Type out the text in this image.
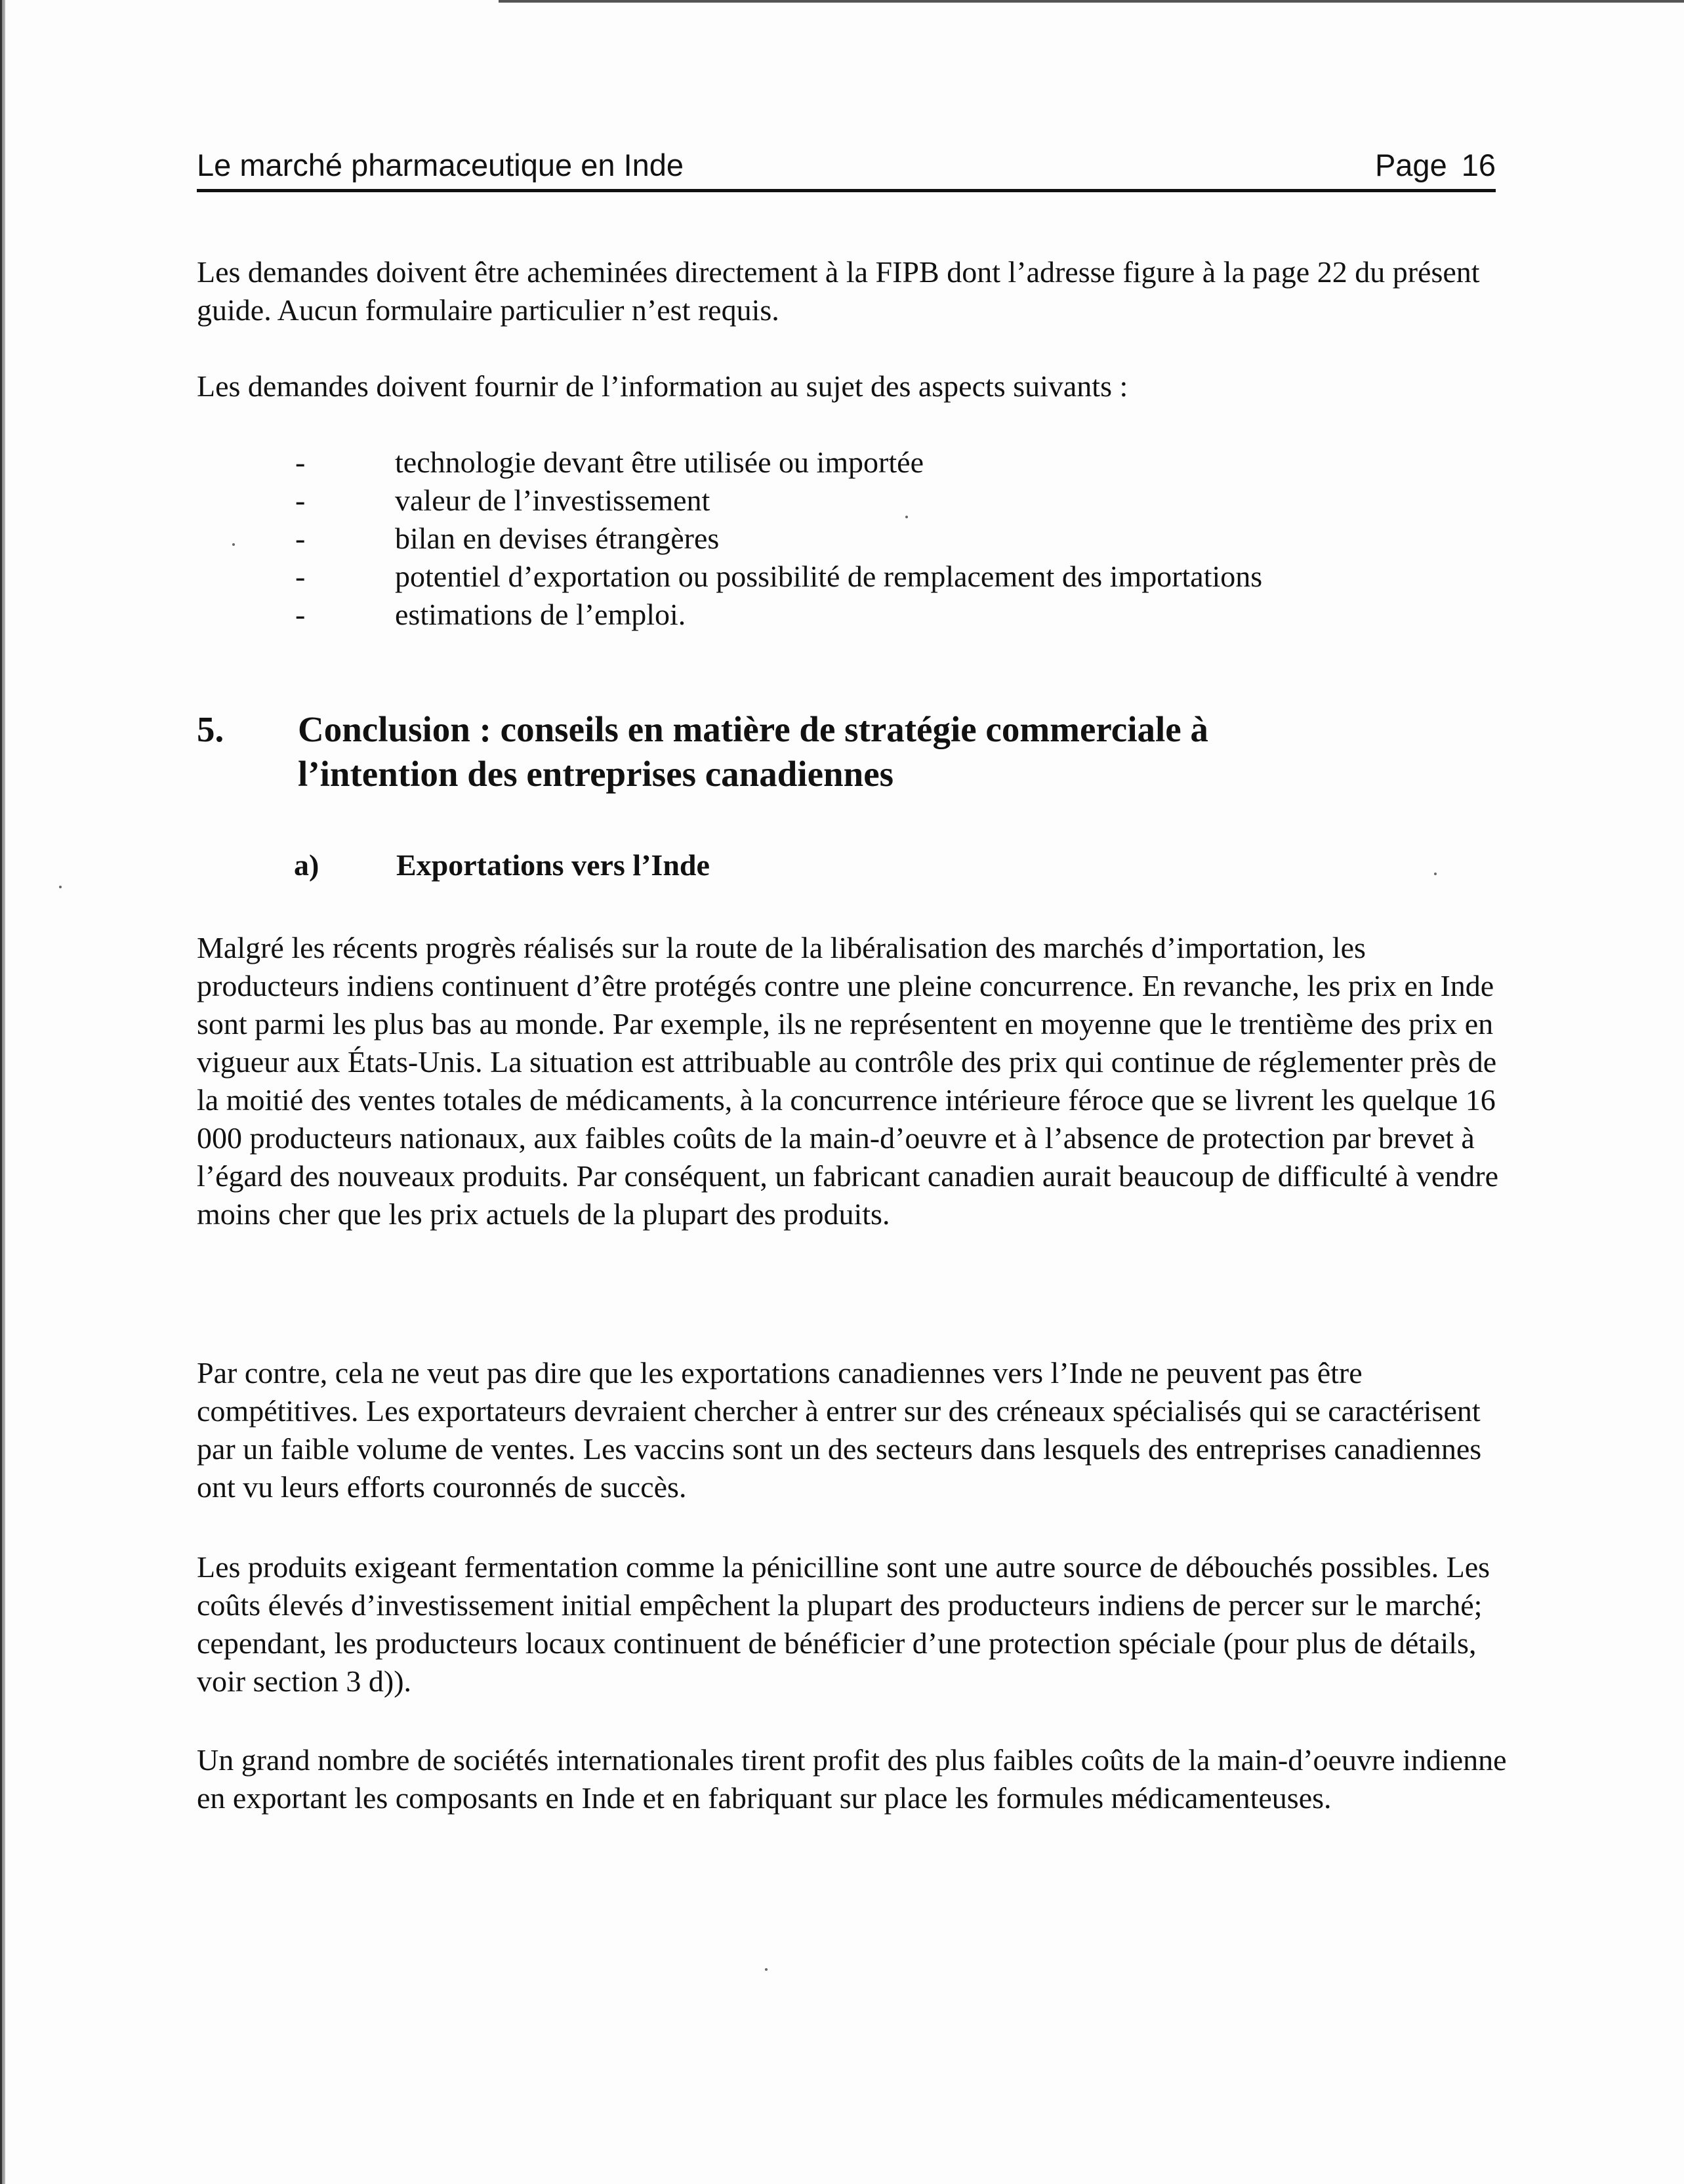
Le marché pharmaceutique en Inde	Page 16

Les demandes doivent être acheminées directement à la FIPB dont l’adresse figure à la page 22 du présent guide. Aucun formulaire particulier n’est requis.

Les demandes doivent fournir de l’information au sujet des aspects suivants :

-	technologie devant être utilisée ou importée
-	valeur de l’investissement
-	bilan en devises étrangères
-	potentiel d’exportation ou possibilité de remplacement des importations
-	estimations de l’emploi.
5. Conclusion : conseils en matière de stratégie commerciale à
l’intention des entreprises canadiennes
a)	Exportations vers l’Inde

Malgré les récents progrès réalisés sur la route de la libéralisation des marchés d’importation, les producteurs indiens continuent d’être protégés contre une pleine concurrence. En revanche, les prix en Inde sont parmi les plus bas au monde. Par exemple, ils ne représentent en moyenne que le trentième des prix en vigueur aux États-Unis. La situation est attribuable au contrôle des prix qui continue de réglementer près de la moitié des ventes totales de médicaments, à la concurrence intérieure féroce que se livrent les quelque 16 000 producteurs nationaux, aux faibles coûts de la main-d’oeuvre et à l’absence de protection par brevet à l’égard des nouveaux produits. Par conséquent, un fabricant canadien aurait beaucoup de difficulté à vendre moins cher que les prix actuels de la plupart des produits.

Par contre, cela ne veut pas dire que les exportations canadiennes vers l’Inde ne peuvent pas être compétitives. Les exportateurs devraient chercher à entrer sur des créneaux spécialisés qui se caractérisent par un faible volume de ventes. Les vaccins sont un des secteurs dans lesquels des entreprises canadiennes ont vu leurs efforts couronnés de succès.

Les produits exigeant fermentation comme la pénicilline sont une autre source de débouchés possibles. Les coûts élevés d’investissement initial empêchent la plupart des producteurs indiens de percer sur le marché; cependant, les producteurs locaux continuent de bénéficier d’une protection spéciale (pour plus de détails, voir section 3 d)).

Un grand nombre de sociétés internationales tirent profit des plus faibles coûts de la main-d’oeuvre indienne en exportant les composants en Inde et en fabriquant sur place les formules médicamenteuses.
